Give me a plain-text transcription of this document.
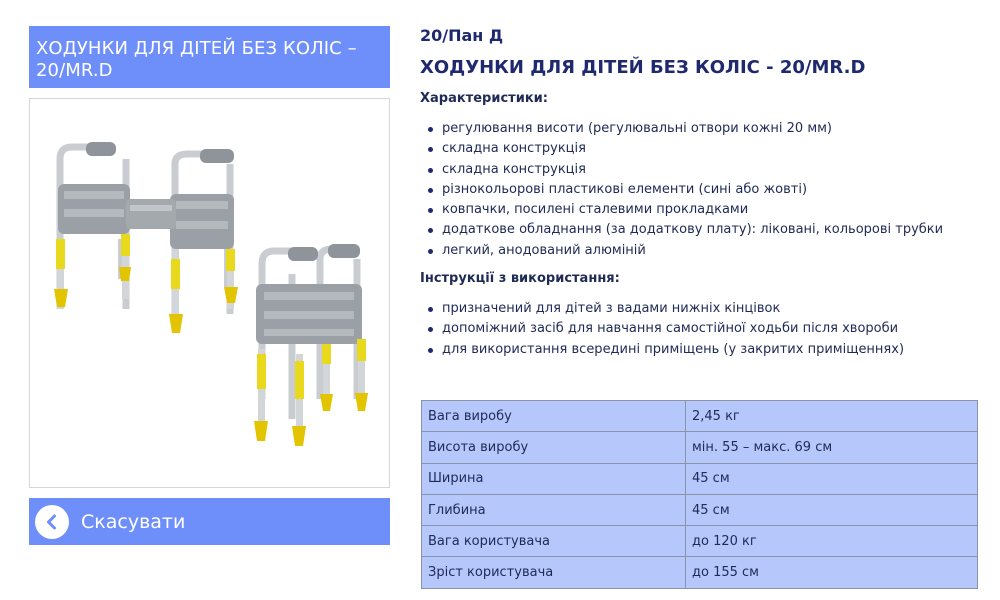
ХОДУНКИ ДЛЯ ДІТЕЙ БЕЗ КОЛІС – 20/MR.D
Скасувати
20/Пан Д
ХОДУНКИ ДЛЯ ДІТЕЙ БЕЗ КОЛІС - 20/MR.D
Характеристики:
регулювання висоти (регулювальні отвори кожні 20 мм)
складна конструкція
складна конструкція
різнокольорові пластикові елементи (сині або жовті)
ковпачки, посилені сталевими прокладками
додаткове обладнання (за додаткову плату): ліковані, кольорові трубки
легкий, анодований алюміній
Інструкції з використання:
призначений для дітей з вадами нижніх кінцівок
допоміжний засіб для навчання самостійної ходьби після хвороби
для використання всередині приміщень (у закритих приміщеннях)
Вага виробу	2,45 кг
Висота виробу	мін. 55 – макс. 69 см
Ширина	45 см
Глибина	45 см
Вага користувача	до 120 кг
Зріст користувача	до 155 см
